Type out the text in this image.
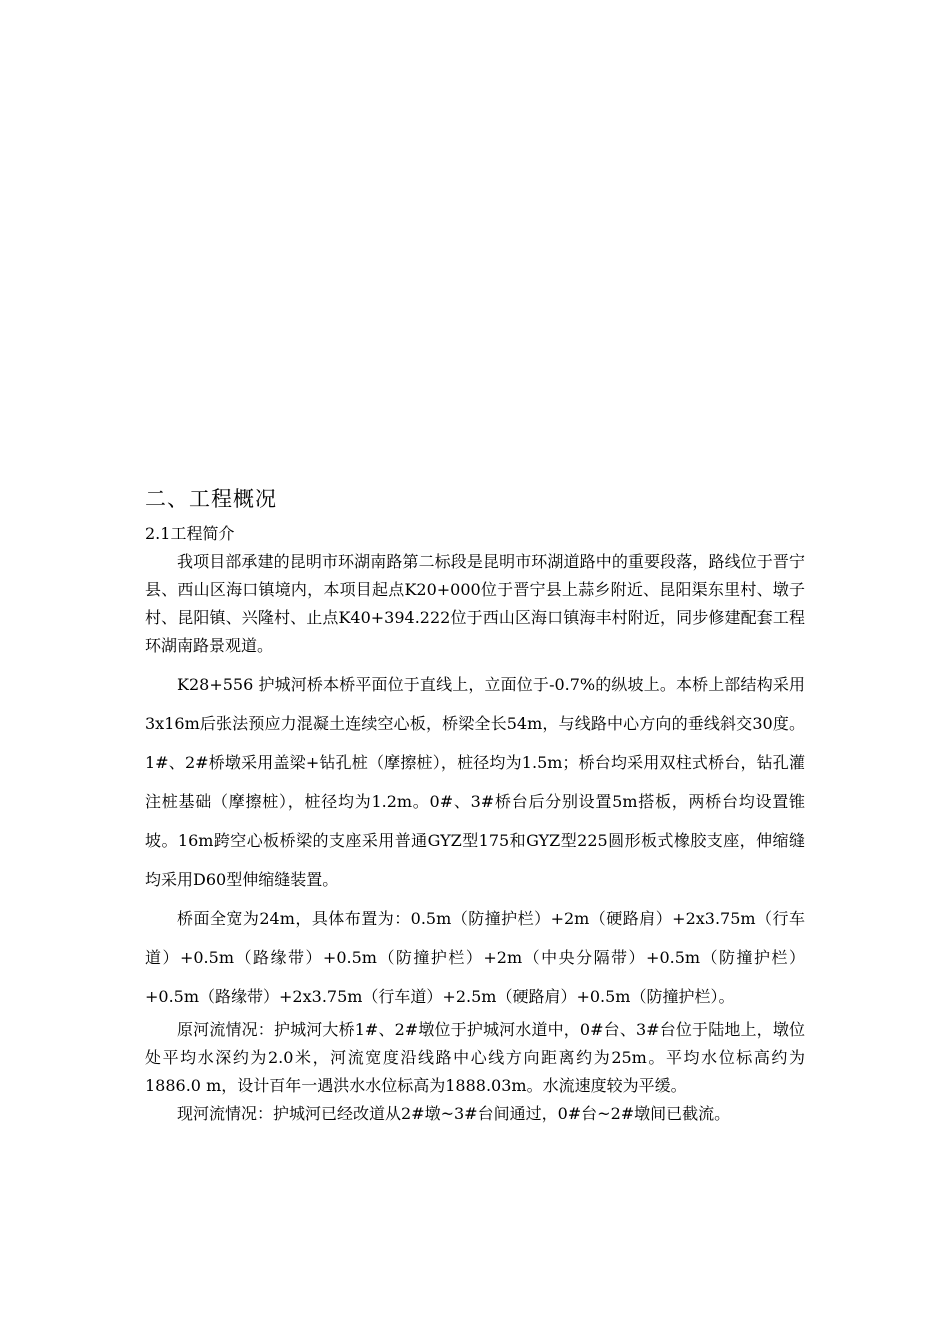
二、工程概况
2.1工程简介

我项目部承建的昆明市环湖南路第二标段是昆明市环湖道路中的重要段落，路线位于晋宁县、西山区海口镇境内，本项目起点K20+000位于晋宁县上蒜乡附近、昆阳渠东里村、墩子村、昆阳镇、兴隆村、止点K40+394.222位于西山区海口镇海丰村附近，同步修建配套工程环湖南路景观道。

K28+556 护城河桥本桥平面位于直线上，立面位于-0.7%的纵坡上。本桥上部结构采用3x16m后张法预应力混凝土连续空心板，桥梁全长54m，与线路中心方向的垂线斜交30度。1#、2#桥墩采用盖梁+钻孔桩（摩擦桩），桩径均为1.5m；桥台均采用双柱式桥台，钻孔灌注桩基础（摩擦桩），桩径均为1.2m。0#、3#桥台后分别设置5m搭板，两桥台均设置锥坡。16m跨空心板桥梁的支座采用普通GYZ型175和GYZ型225圆形板式橡胶支座，伸缩缝均采用D60型伸缩缝装置。

桥面全宽为24m，具体布置为：0.5m（防撞护栏）+2m（硬路肩）+2x3.75m（行车道）+0.5m（路缘带）+0.5m（防撞护栏）+2m（中央分隔带）+0.5m（防撞护栏）+0.5m（路缘带）+2x3.75m（行车道）+2.5m（硬路肩）+0.5m（防撞护栏）。

原河流情况：护城河大桥1#、2#墩位于护城河水道中，0#台、3#台位于陆地上，墩位处平均水深约为2.0米，河流宽度沿线路中心线方向距离约为25m。平均水位标高约为1886.0 m，设计百年一遇洪水水位标高为1888.03m。水流速度较为平缓。

现河流情况：护城河已经改道从2#墩~3#台间通过，0#台~2#墩间已截流。
